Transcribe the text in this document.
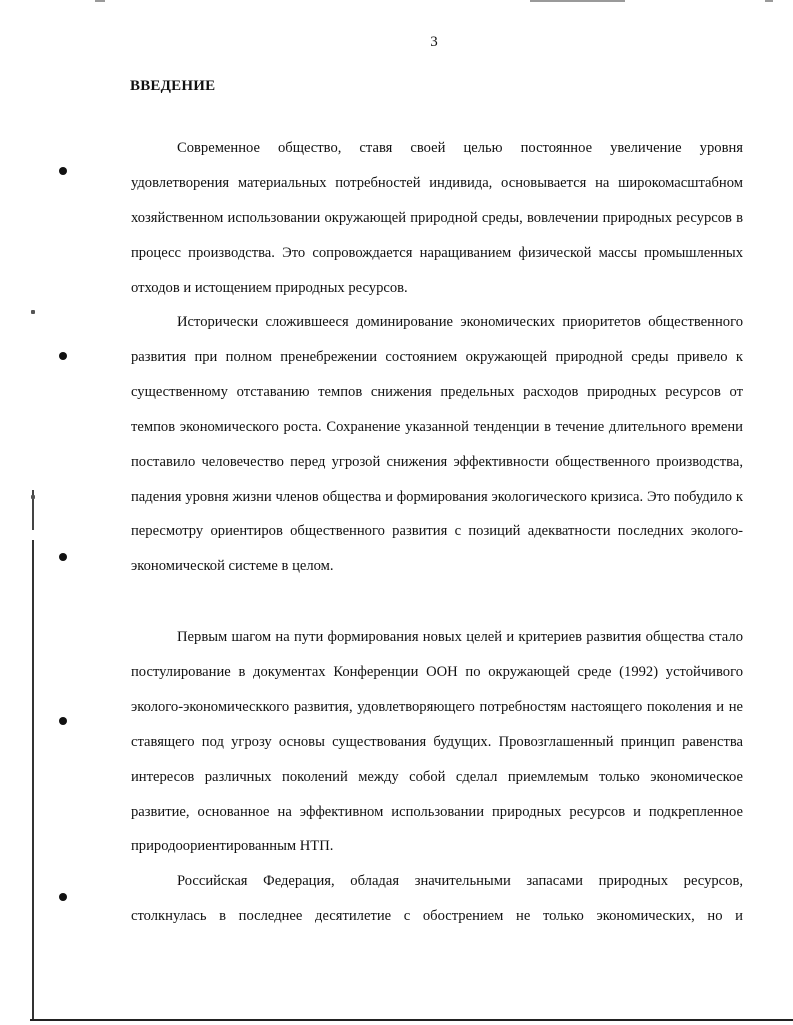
3
ВВЕДЕНИЕ

Современное общество, ставя своей целью постоянное увеличение уровня удовлетворения материальных потребностей индивида, основывается на широкомасштабном хозяйственном использовании окружающей природной среды, вовлечении природных ресурсов в процесс производства. Это сопровождается наращиванием физической массы промышленных отходов и истощением природных ресурсов.

Исторически сложившееся доминирование экономических приоритетов общественного развития при полном пренебрежении состоянием окружающей природной среды привело к существенному отставанию темпов снижения предельных расходов природных ресурсов от темпов экономического роста. Сохранение указанной тенденции в течение длительного времени поставило человечество перед угрозой снижения эффективности общественного производства, падения уровня жизни членов общества и формирования экологического кризиса. Это побудило к пересмотру ориентиров общественного развития с позиций адекватности последних эколого-экономической системе в целом.

Первым шагом на пути формирования новых целей и критериев развития общества стало постулирование в документах Конференции ООН по окружающей среде (1992) устойчивого эколого-экономическкого развития, удовлетворяющего потребностям настоящего поколения и не ставящего под угрозу основы существования будущих. Провозглашенный принцип равенства интересов различных поколений между собой сделал приемлемым только экономическое развитие, основанное на эффективном использовании природных ресурсов и подкрепленное природоориентированным НТП.

Российская Федерация, обладая значительными запасами природных ресурсов, столкнулась в последнее десятилетие с обострением не только экономических, но и
